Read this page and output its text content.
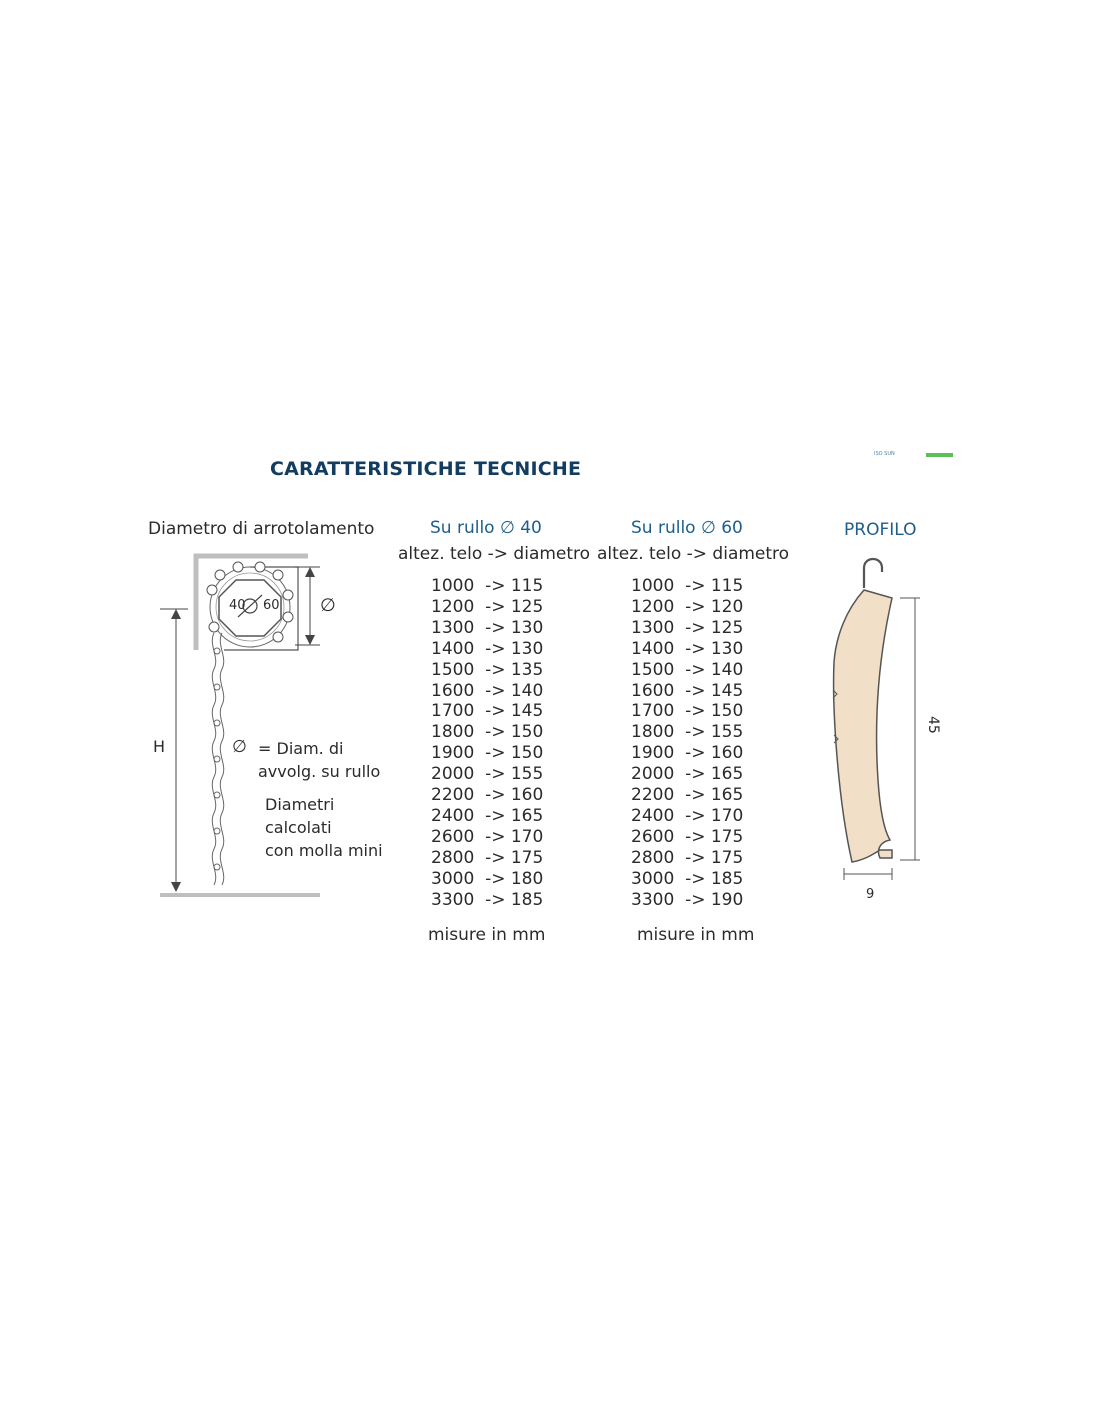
CARATTERISTICHE TECNICHE
ISO SUN
Diametro di arrotolamento
40 60 ∅
H	∅ = Diam. di
avvolg. su rullo
Diametri
calcolati
con molla mini
Su rullo ∅ 40
altez. telo -> diametro
1000  -> 115
1200  -> 125
1300  -> 130
1400  -> 130
1500  -> 135
1600  -> 140
1700  -> 145
1800  -> 150
1900  -> 150
2000  -> 155
2200  -> 160
2400  -> 165
2600  -> 170
2800  -> 175
3000  -> 180
3300  -> 185
misure in mm
Su rullo ∅ 60
altez. telo -> diametro
1000  -> 115
1200  -> 120
1300  -> 125
1400  -> 130
1500  -> 140
1600  -> 145
1700  -> 150
1800  -> 155
1900  -> 160
2000  -> 165
2200  -> 165
2400  -> 170
2600  -> 175
2800  -> 175
3000  -> 185
3300  -> 190
misure in mm
PROFILO
45
9
